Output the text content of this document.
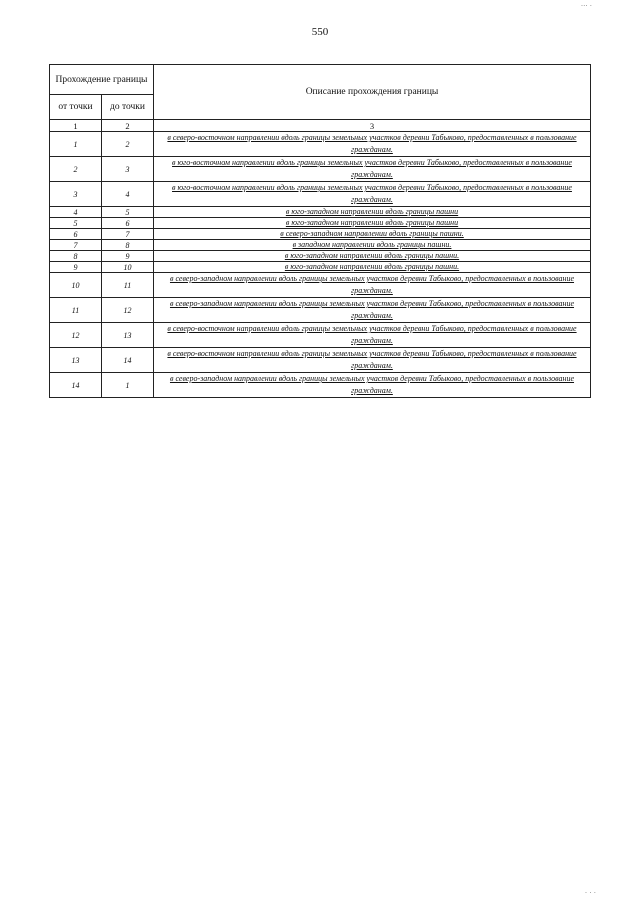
550
··· ·
· · ·
Прохождение границы		Описание прохождения границы
от точки	до точки	
1	2	3
1	2	в северо-восточном направлении вдоль границы земельных участков деревни Табыково, предоставленных в пользование гражданам.
2	3	в юго-восточном направлении вдоль границы земельных участков деревни Табыково, предоставленных в пользование гражданам.
3	4	в юго-восточном направлении вдоль границы земельных участков деревни Табыково, предоставленных в пользование гражданам.
4	5	в юго-западном направлении вдоль границы пашни
5	6	в юго-западном направлении вдоль границы пашни
6	7	в северо-западном направлении вдоль границы пашни.
7	8	в западном направлении вдоль границы пашни.
8	9	в юго-западном направлении вдоль границы пашни.
9	10	в юго-западном направлении вдоль границы пашни.
10	11	в северо-западном направлении вдоль границы земельных участков деревни Табыково, предоставленных в пользование гражданам.
11	12	в северо-западном направлении вдоль границы земельных участков деревни Табыково, предоставленных в пользование гражданам.
12	13	в северо-восточном направлении вдоль границы земельных участков деревни Табыково, предоставленных в пользование гражданам.
13	14	в северо-восточном направлении вдоль границы земельных участков деревни Табыково, предоставленных в пользование гражданам.
14	1	в северо-западном направлении вдоль границы земельных участков деревни Табыково, предоставленных в пользование гражданам.
